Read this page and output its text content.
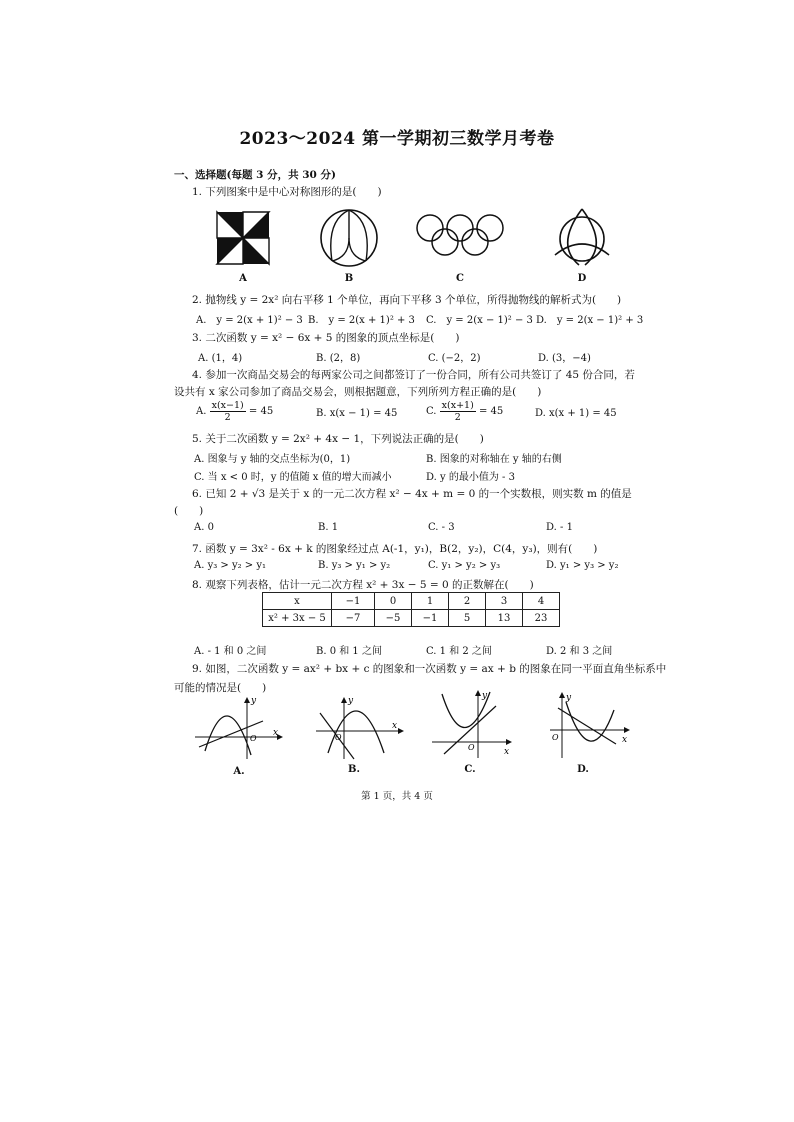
2023～2024 第一学期初三数学月考卷
一、选择题(每题 3 分，共 30 分)
1. 下列图案中是中心对称图形的是(　　)
A	B	C	D
2. 抛物线 y = 2x² 向右平移 1 个单位，再向下平移 3 个单位，所得抛物线的解析式为(　　)
A.　y = 2(x + 1)² − 3 B.　y = 2(x + 1)² + 3 C.　y = 2(x − 1)² − 3 D.　y = 2(x − 1)² + 3
3. 二次函数 y = x² − 6x + 5 的图象的顶点坐标是(　　)
A. (1，4)	B. (2，8)	C. (−2，2)	D. (3，−4)
4. 参加一次商品交易会的每两家公司之间都签订了一份合同，所有公司共签订了 45 份合同，若
设共有 x 家公司参加了商品交易会，则根据题意，下列所列方程正确的是(　　)
A. $\frac{x(x-1)}{2} = 45$	B. x(x − 1) = 45	C. $\frac{x(x+1)}{2} = 45$	D. x(x + 1) = 45
5. 关于二次函数 y = 2x² + 4x − 1，下列说法正确的是(　　)
A. 图象与 y 轴的交点坐标为(0，1)	B. 图象的对称轴在 y 轴的右侧
C. 当 x < 0 时，y 的值随 x 值的增大而减小	D. y 的最小值为 - 3
6. 已知 2 + √3 是关于 x 的一元二次方程 x² − 4x + m = 0 的一个实数根，则实数 m 的值是
(　　)
A. 0	B. 1	C. - 3	D. - 1
7. 函数 y = 3x² - 6x + k 的图象经过点 A(-1，y₁)，B(2，y₂)，C(4，y₃)，则有(　　)
A. y₃ > y₂ > y₁	B. y₃ > y₁ > y₂	C. y₁ > y₂ > y₃	D. y₁ > y₃ > y₂
8. 观察下列表格，估计一元二次方程 x² + 3x − 5 = 0 的正数解在(　　)
x	−1	0	1	2	3	4
x² + 3x − 5	−7	−5	−1	5	13	23
A. - 1 和 0 之间	B. 0 和 1 之间	C. 1 和 2 之间	D. 2 和 3 之间
9. 如图，二次函数 y = ax² + bx + c 的图象和一次函数 y = ax + b 的图象在同一平面直角坐标系中
可能的情况是(　　)
y
x
O
y
x
O
y
x
O
y
x
O
A.	B.	C.	D.
第 1 页，共 4 页
